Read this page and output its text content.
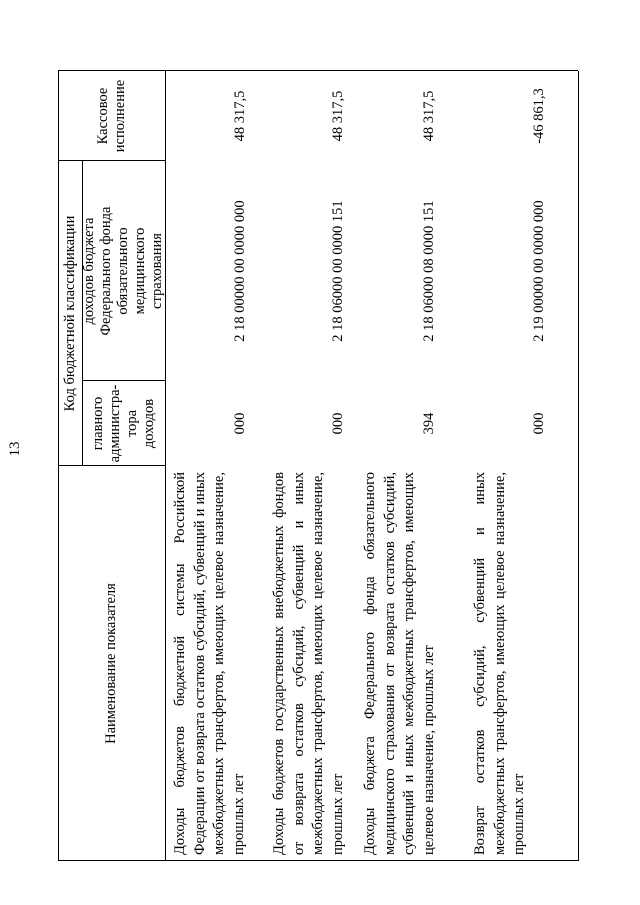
13
Наименование показателя
Код бюджетной классификации
главного администра-тора доходов
доходов бюджета Федерального фонда обязательного медицинского страхования
Кассовое исполнение
Доходы бюджетов бюджетной системы Российской Федерации от возврата остатков субсидий, субвенций и иных межбюджетных трансфертов, имеющих целевое назначение, прошлых лет
000
2 18 00000 00 0000 000
48 317,5
Доходы бюджетов государственных внебюджетных фондов от возврата остатков субсидий, субвенций и иных межбюджетных трансфертов, имеющих целевое назначение, прошлых лет
000
2 18 06000 00 0000 151
48 317,5
Доходы бюджета Федерального фонда обязательного медицинского страхования от возврата остатков субсидий, субвенций и иных межбюджетных трансфертов, имеющих целевое назначение, прошлых лет
394
2 18 06000 08 0000 151
48 317,5
Возврат остатков субсидий, субвенций и иных межбюджетных трансфертов, имеющих целевое назначение, прошлых лет
000
2 19 00000 00 0000 000
-46 861,3
